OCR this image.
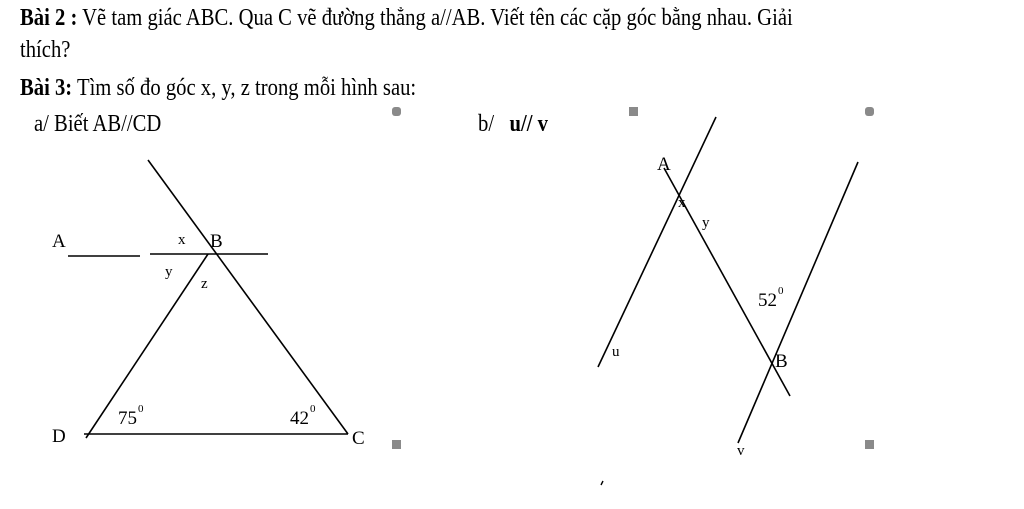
Bài 2 : Vẽ tam giác ABC. Qua C vẽ đường thẳng a//AB. Viết tên các cặp góc bằng nhau. Giải
thích?
Bài 3: Tìm số đo góc x, y, z trong mỗi hình sau:
a/ Biết AB//CD	b/ u// v
A	B
C
D
x
y
z
75 0	42 0
A
B
x
y
u
v
52 0
